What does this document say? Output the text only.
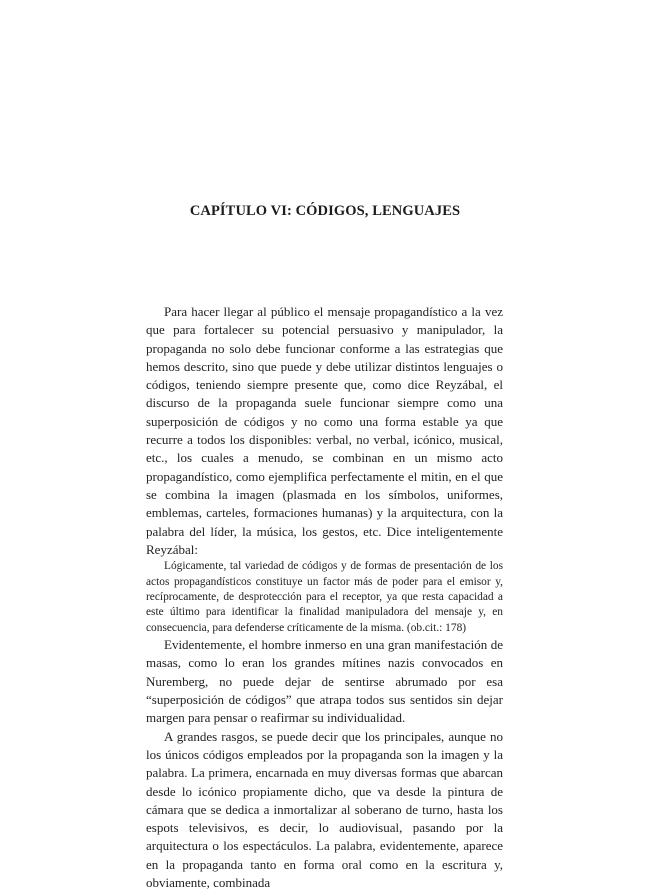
CAPÍTULO VI: CÓDIGOS, LENGUAJES

Para hacer llegar al público el mensaje propagandístico a la vez que para fortalecer su potencial persuasivo y manipulador, la propaganda no solo debe funcionar conforme a las estrategias que hemos descrito, sino que puede y debe utilizar distintos lenguajes o códigos, teniendo siempre presente que, como dice Reyzábal, el discurso de la propaganda suele funcionar siempre como una superposición de códigos y no como una forma estable ya que recurre a todos los disponibles: verbal, no verbal, icónico, musical, etc., los cuales a menudo, se combinan en un mismo acto propagandístico, como ejemplifica perfectamente el mitin, en el que se combina la imagen (plasmada en los símbolos, uniformes, emblemas, carteles, formaciones humanas) y la arquitectura, con la palabra del líder, la música, los gestos, etc. Dice inteligentemente Reyzábal:

Lógicamente, tal variedad de códigos y de formas de presentación de los actos propagandísticos constituye un factor más de poder para el emisor y, recíprocamente, de desprotección para el receptor, ya que resta capacidad a este último para identificar la finalidad manipuladora del mensaje y, en consecuencia, para defenderse críticamente de la misma. (ob.cit.: 178)

Evidentemente, el hombre inmerso en una gran manifestación de masas, como lo eran los grandes mítines nazis convocados en Nuremberg, no puede dejar de sentirse abrumado por esa “superposición de códigos” que atrapa todos sus sentidos sin dejar margen para pensar o reafirmar su individualidad.

A grandes rasgos, se puede decir que los principales, aunque no los únicos códigos empleados por la propaganda son la imagen y la palabra. La primera, encarnada en muy diversas formas que abarcan desde lo icónico propiamente dicho, que va desde la pintura de cámara que se dedica a inmortalizar al soberano de turno, hasta los espots televisivos, es decir, lo audiovisual, pasando por la arquitectura o los espectáculos. La palabra, evidentemente, aparece en la propaganda tanto en forma oral como en la escritura y, obviamente, combinada
